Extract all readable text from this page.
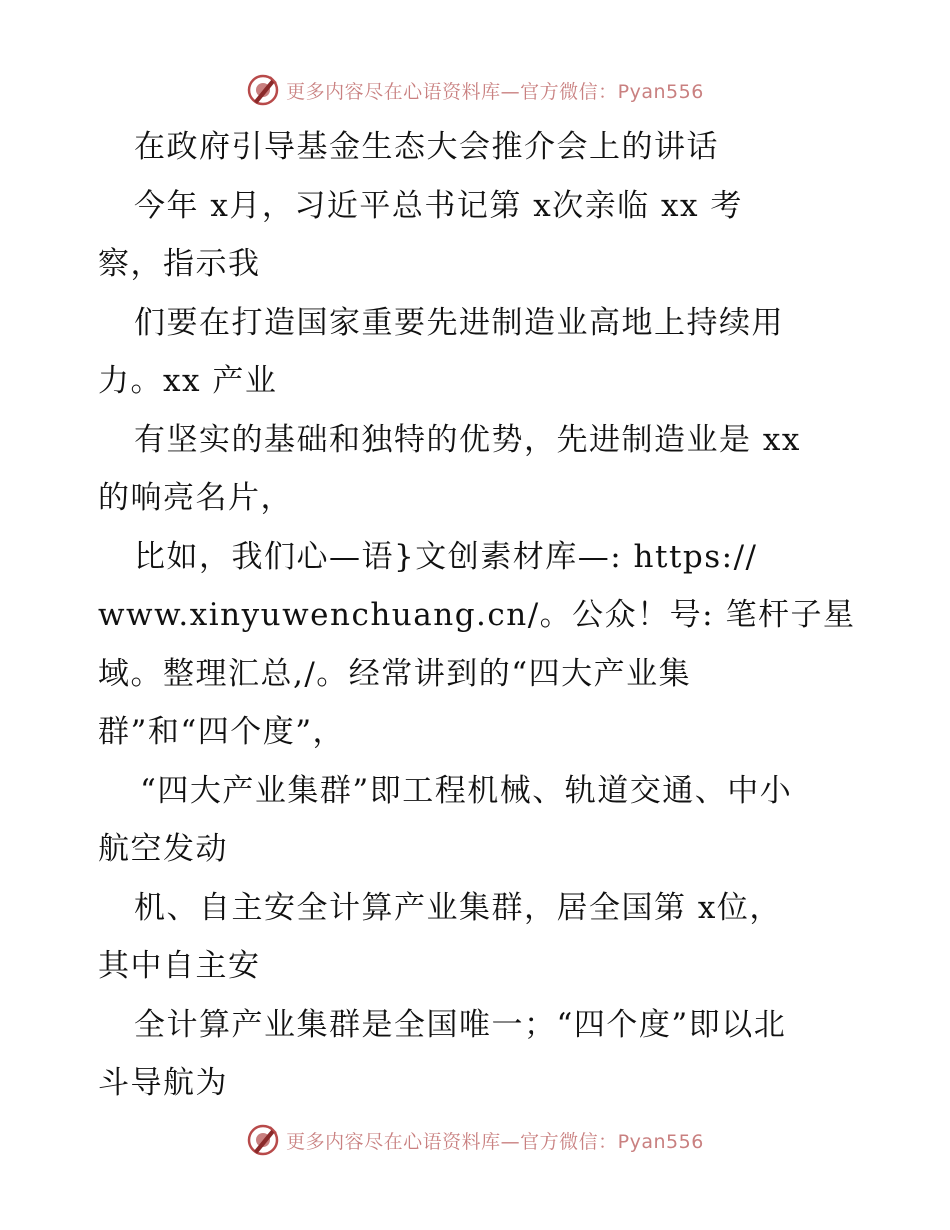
更多内容尽在心语资料库—官方微信：Pyan556
在政府引导基金生态大会推介会上的讲话
今年 x月，习近平总书记第 x次亲临 xx 考
察，指示我
们要在打造国家重要先进制造业高地上持续用
力。xx 产业
有坚实的基础和独特的优势，先进制造业是 xx
的响亮名片，
比如，我们心—语}文创素材库—: https://
www.xinyuwenchuang.cn/。公众！号: 笔杆子星
域。整理汇总,/。经常讲到的“四大产业集
群”和“四个度”，
“四大产业集群”即工程机械、轨道交通、中小
航空发动
机、自主安全计算产业集群，居全国第 x位，
其中自主安
全计算产业集群是全国唯一；“四个度”即以北
斗导航为
更多内容尽在心语资料库—官方微信：Pyan556
